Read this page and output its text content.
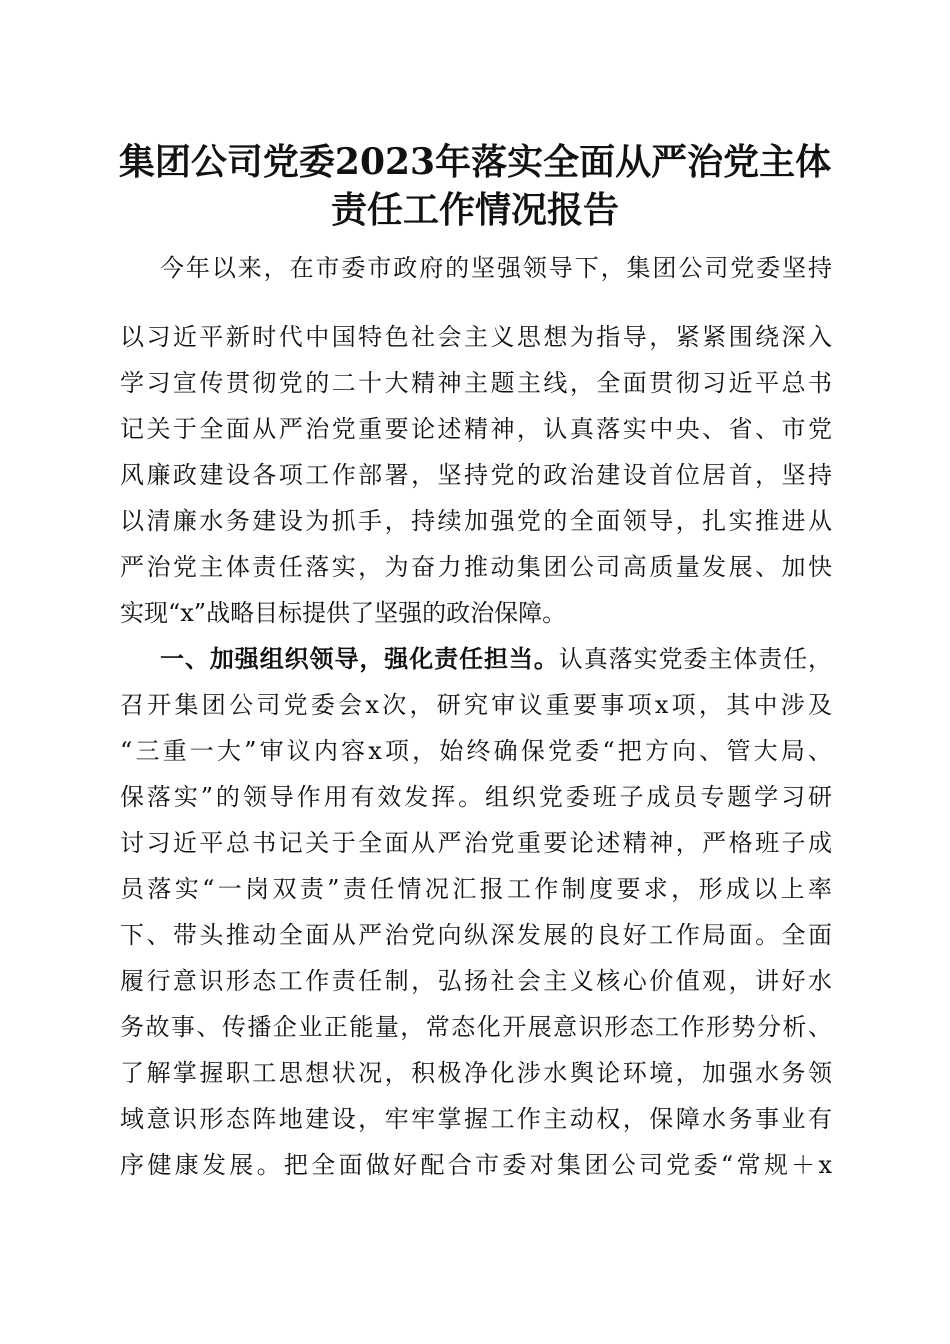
集团公司党委2023年落实全面从严治党主体
责任工作情况报告

今年以来，在市委市政府的坚强领导下，集团公司党委坚持

以习近平新时代中国特色社会主义思想为指导，紧紧围绕深入

学习宣传贯彻党的二十大精神主题主线，全面贯彻习近平总书

记关于全面从严治党重要论述精神，认真落实中央、省、市党

风廉政建设各项工作部署，坚持党的政治建设首位居首，坚持

以清廉水务建设为抓手，持续加强党的全面领导，扎实推进从

严治党主体责任落实，为奋力推动集团公司高质量发展、加快

实现“x”战略目标提供了坚强的政治保障。

一、加强组织领导，强化责任担当。认真落实党委主体责任，

召开集团公司党委会x次，研究审议重要事项x项，其中涉及

“三重一大”审议内容x项，始终确保党委“把方向、管大局、

保落实”的领导作用有效发挥。组织党委班子成员专题学习研

讨习近平总书记关于全面从严治党重要论述精神，严格班子成

员落实“一岗双责”责任情况汇报工作制度要求，形成以上率

下、带头推动全面从严治党向纵深发展的良好工作局面。全面

履行意识形态工作责任制，弘扬社会主义核心价值观，讲好水

务故事、传播企业正能量，常态化开展意识形态工作形势分析、

了解掌握职工思想状况，积极净化涉水舆论环境，加强水务领

域意识形态阵地建设，牢牢掌握工作主动权，保障水务事业有

序健康发展。把全面做好配合市委对集团公司党委“常规＋x
